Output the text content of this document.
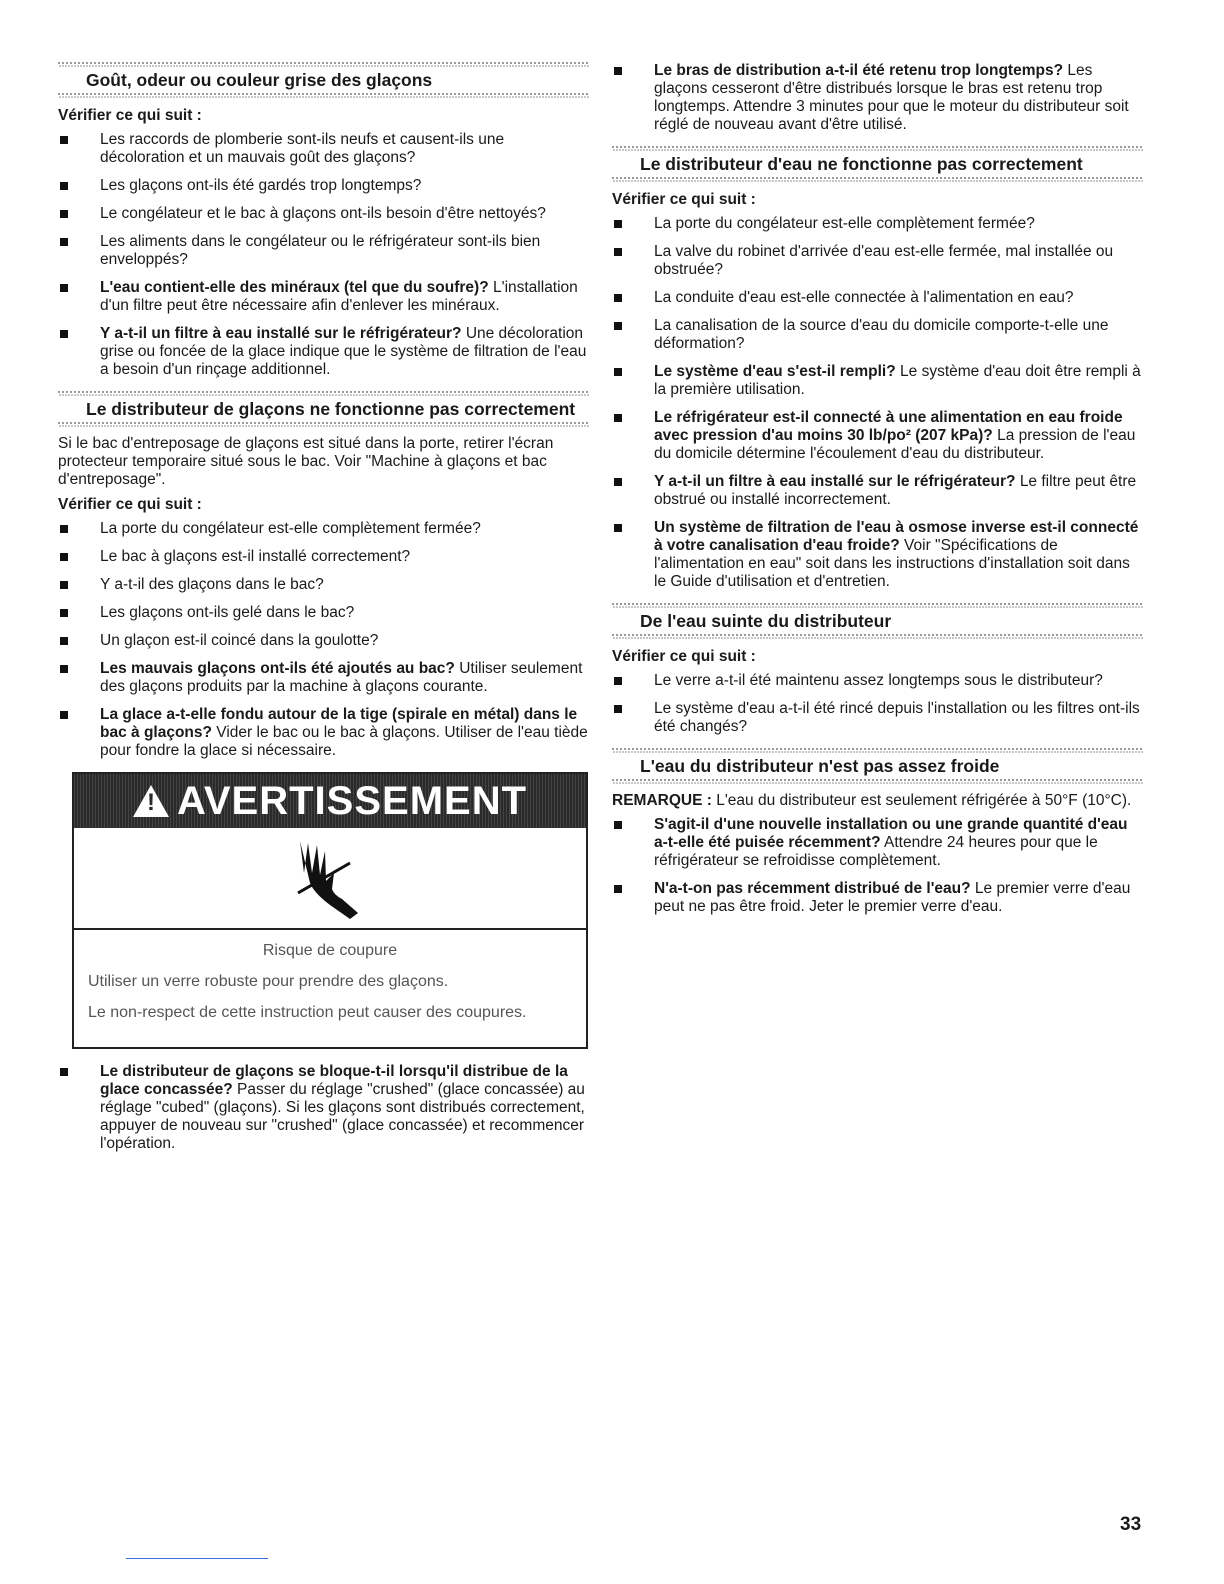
Goût, odeur ou couleur grise des glaçons

Vérifier ce qui suit :

Les raccords de plomberie sont-ils neufs et causent-ils une décoloration et un mauvais goût des glaçons?
Les glaçons ont-ils été gardés trop longtemps?
Le congélateur et le bac à glaçons ont-ils besoin d'être nettoyés?
Les aliments dans le congélateur ou le réfrigérateur sont-ils bien enveloppés?
L'eau contient-elle des minéraux (tel que du soufre)? L'installation d'un filtre peut être nécessaire afin d'enlever les minéraux.
Y a-t-il un filtre à eau installé sur le réfrigérateur? Une décoloration grise ou foncée de la glace indique que le système de filtration de l'eau a besoin d'un rinçage additionnel.
Le distributeur de glaçons ne fonctionne pas correctement

Si le bac d'entreposage de glaçons est situé dans la porte, retirer l'écran protecteur temporaire situé sous le bac. Voir "Machine à glaçons et bac d'entreposage".

Vérifier ce qui suit :

La porte du congélateur est-elle complètement fermée?
Le bac à glaçons est-il installé correctement?
Y a-t-il des glaçons dans le bac?
Les glaçons ont-ils gelé dans le bac?
Un glaçon est-il coincé dans la goulotte?
Les mauvais glaçons ont-ils été ajoutés au bac? Utiliser seulement des glaçons produits par la machine à glaçons courante.
La glace a-t-elle fondu autour de la tige (spirale en métal) dans le bac à glaçons? Vider le bac ou le bac à glaçons. Utiliser de l'eau tiède pour fondre la glace si nécessaire.
! AVERTISSEMENT

Risque de coupure

Utiliser un verre robuste pour prendre des glaçons.

Le non-respect de cette instruction peut causer des coupures.

Le distributeur de glaçons se bloque-t-il lorsqu'il distribue de la glace concassée? Passer du réglage "crushed" (glace concassée) au réglage "cubed" (glaçons). Si les glaçons sont distribués correctement, appuyer de nouveau sur "crushed" (glace concassée) et recommencer l'opération.
Le bras de distribution a-t-il été retenu trop longtemps? Les glaçons cesseront d'être distribués lorsque le bras est retenu trop longtemps. Attendre 3 minutes pour que le moteur du distributeur soit réglé de nouveau avant d'être utilisé.
Le distributeur d'eau ne fonctionne pas correctement

Vérifier ce qui suit :

La porte du congélateur est-elle complètement fermée?
La valve du robinet d'arrivée d'eau est-elle fermée, mal installée ou obstruée?
La conduite d'eau est-elle connectée à l'alimentation en eau?
La canalisation de la source d'eau du domicile comporte-t-elle une déformation?
Le système d'eau s'est-il rempli? Le système d'eau doit être rempli à la première utilisation.
Le réfrigérateur est-il connecté à une alimentation en eau froide avec pression d'au moins 30 lb/po² (207 kPa)? La pression de l'eau du domicile détermine l'écoulement d'eau du distributeur.
Y a-t-il un filtre à eau installé sur le réfrigérateur? Le filtre peut être obstrué ou installé incorrectement.
Un système de filtration de l'eau à osmose inverse est-il connecté à votre canalisation d'eau froide? Voir "Spécifications de l'alimentation en eau" soit dans les instructions d'installation soit dans le Guide d'utilisation et d'entretien.
De l'eau suinte du distributeur

Vérifier ce qui suit :

Le verre a-t-il été maintenu assez longtemps sous le distributeur?
Le système d'eau a-t-il été rincé depuis l'installation ou les filtres ont-ils été changés?
L'eau du distributeur n'est pas assez froide

REMARQUE : L'eau du distributeur est seulement réfrigérée à 50°F (10°C).

S'agit-il d'une nouvelle installation ou une grande quantité d'eau a-t-elle été puisée récemment? Attendre 24 heures pour que le réfrigérateur se refroidisse complètement.
N'a-t-on pas récemment distribué de l'eau? Le premier verre d'eau peut ne pas être froid. Jeter le premier verre d'eau.
33
